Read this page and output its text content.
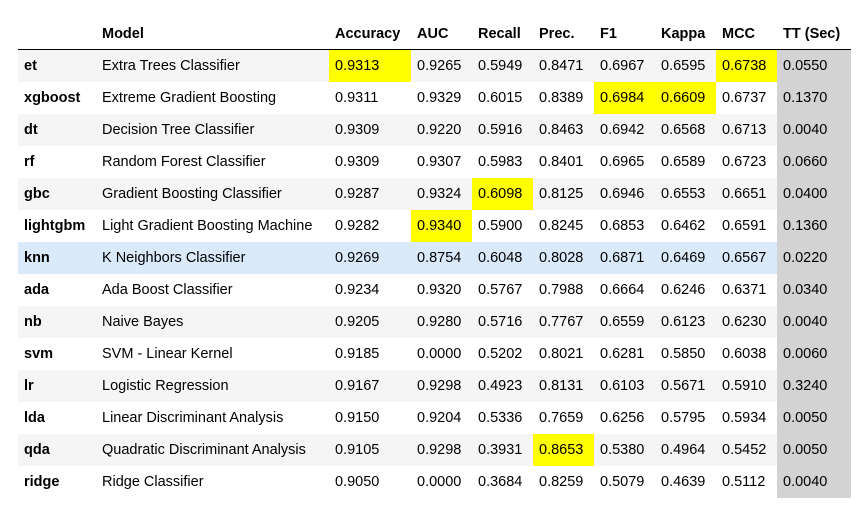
	Model	Accuracy	AUC	Recall	Prec.	F1	Kappa	MCC	TT (Sec)
et	Extra Trees Classifier	0.9313	0.9265	0.5949	0.8471	0.6967	0.6595	0.6738	0.0550
xgboost	Extreme Gradient Boosting	0.9311	0.9329	0.6015	0.8389	0.6984	0.6609	0.6737	0.1370
dt	Decision Tree Classifier	0.9309	0.9220	0.5916	0.8463	0.6942	0.6568	0.6713	0.0040
rf	Random Forest Classifier	0.9309	0.9307	0.5983	0.8401	0.6965	0.6589	0.6723	0.0660
gbc	Gradient Boosting Classifier	0.9287	0.9324	0.6098	0.8125	0.6946	0.6553	0.6651	0.0400
lightgbm	Light Gradient Boosting Machine	0.9282	0.9340	0.5900	0.8245	0.6853	0.6462	0.6591	0.1360
knn	K Neighbors Classifier	0.9269	0.8754	0.6048	0.8028	0.6871	0.6469	0.6567	0.0220
ada	Ada Boost Classifier	0.9234	0.9320	0.5767	0.7988	0.6664	0.6246	0.6371	0.0340
nb	Naive Bayes	0.9205	0.9280	0.5716	0.7767	0.6559	0.6123	0.6230	0.0040
svm	SVM - Linear Kernel	0.9185	0.0000	0.5202	0.8021	0.6281	0.5850	0.6038	0.0060
lr	Logistic Regression	0.9167	0.9298	0.4923	0.8131	0.6103	0.5671	0.5910	0.3240
lda	Linear Discriminant Analysis	0.9150	0.9204	0.5336	0.7659	0.6256	0.5795	0.5934	0.0050
qda	Quadratic Discriminant Analysis	0.9105	0.9298	0.3931	0.8653	0.5380	0.4964	0.5452	0.0050
ridge	Ridge Classifier	0.9050	0.0000	0.3684	0.8259	0.5079	0.4639	0.5112	0.0040
